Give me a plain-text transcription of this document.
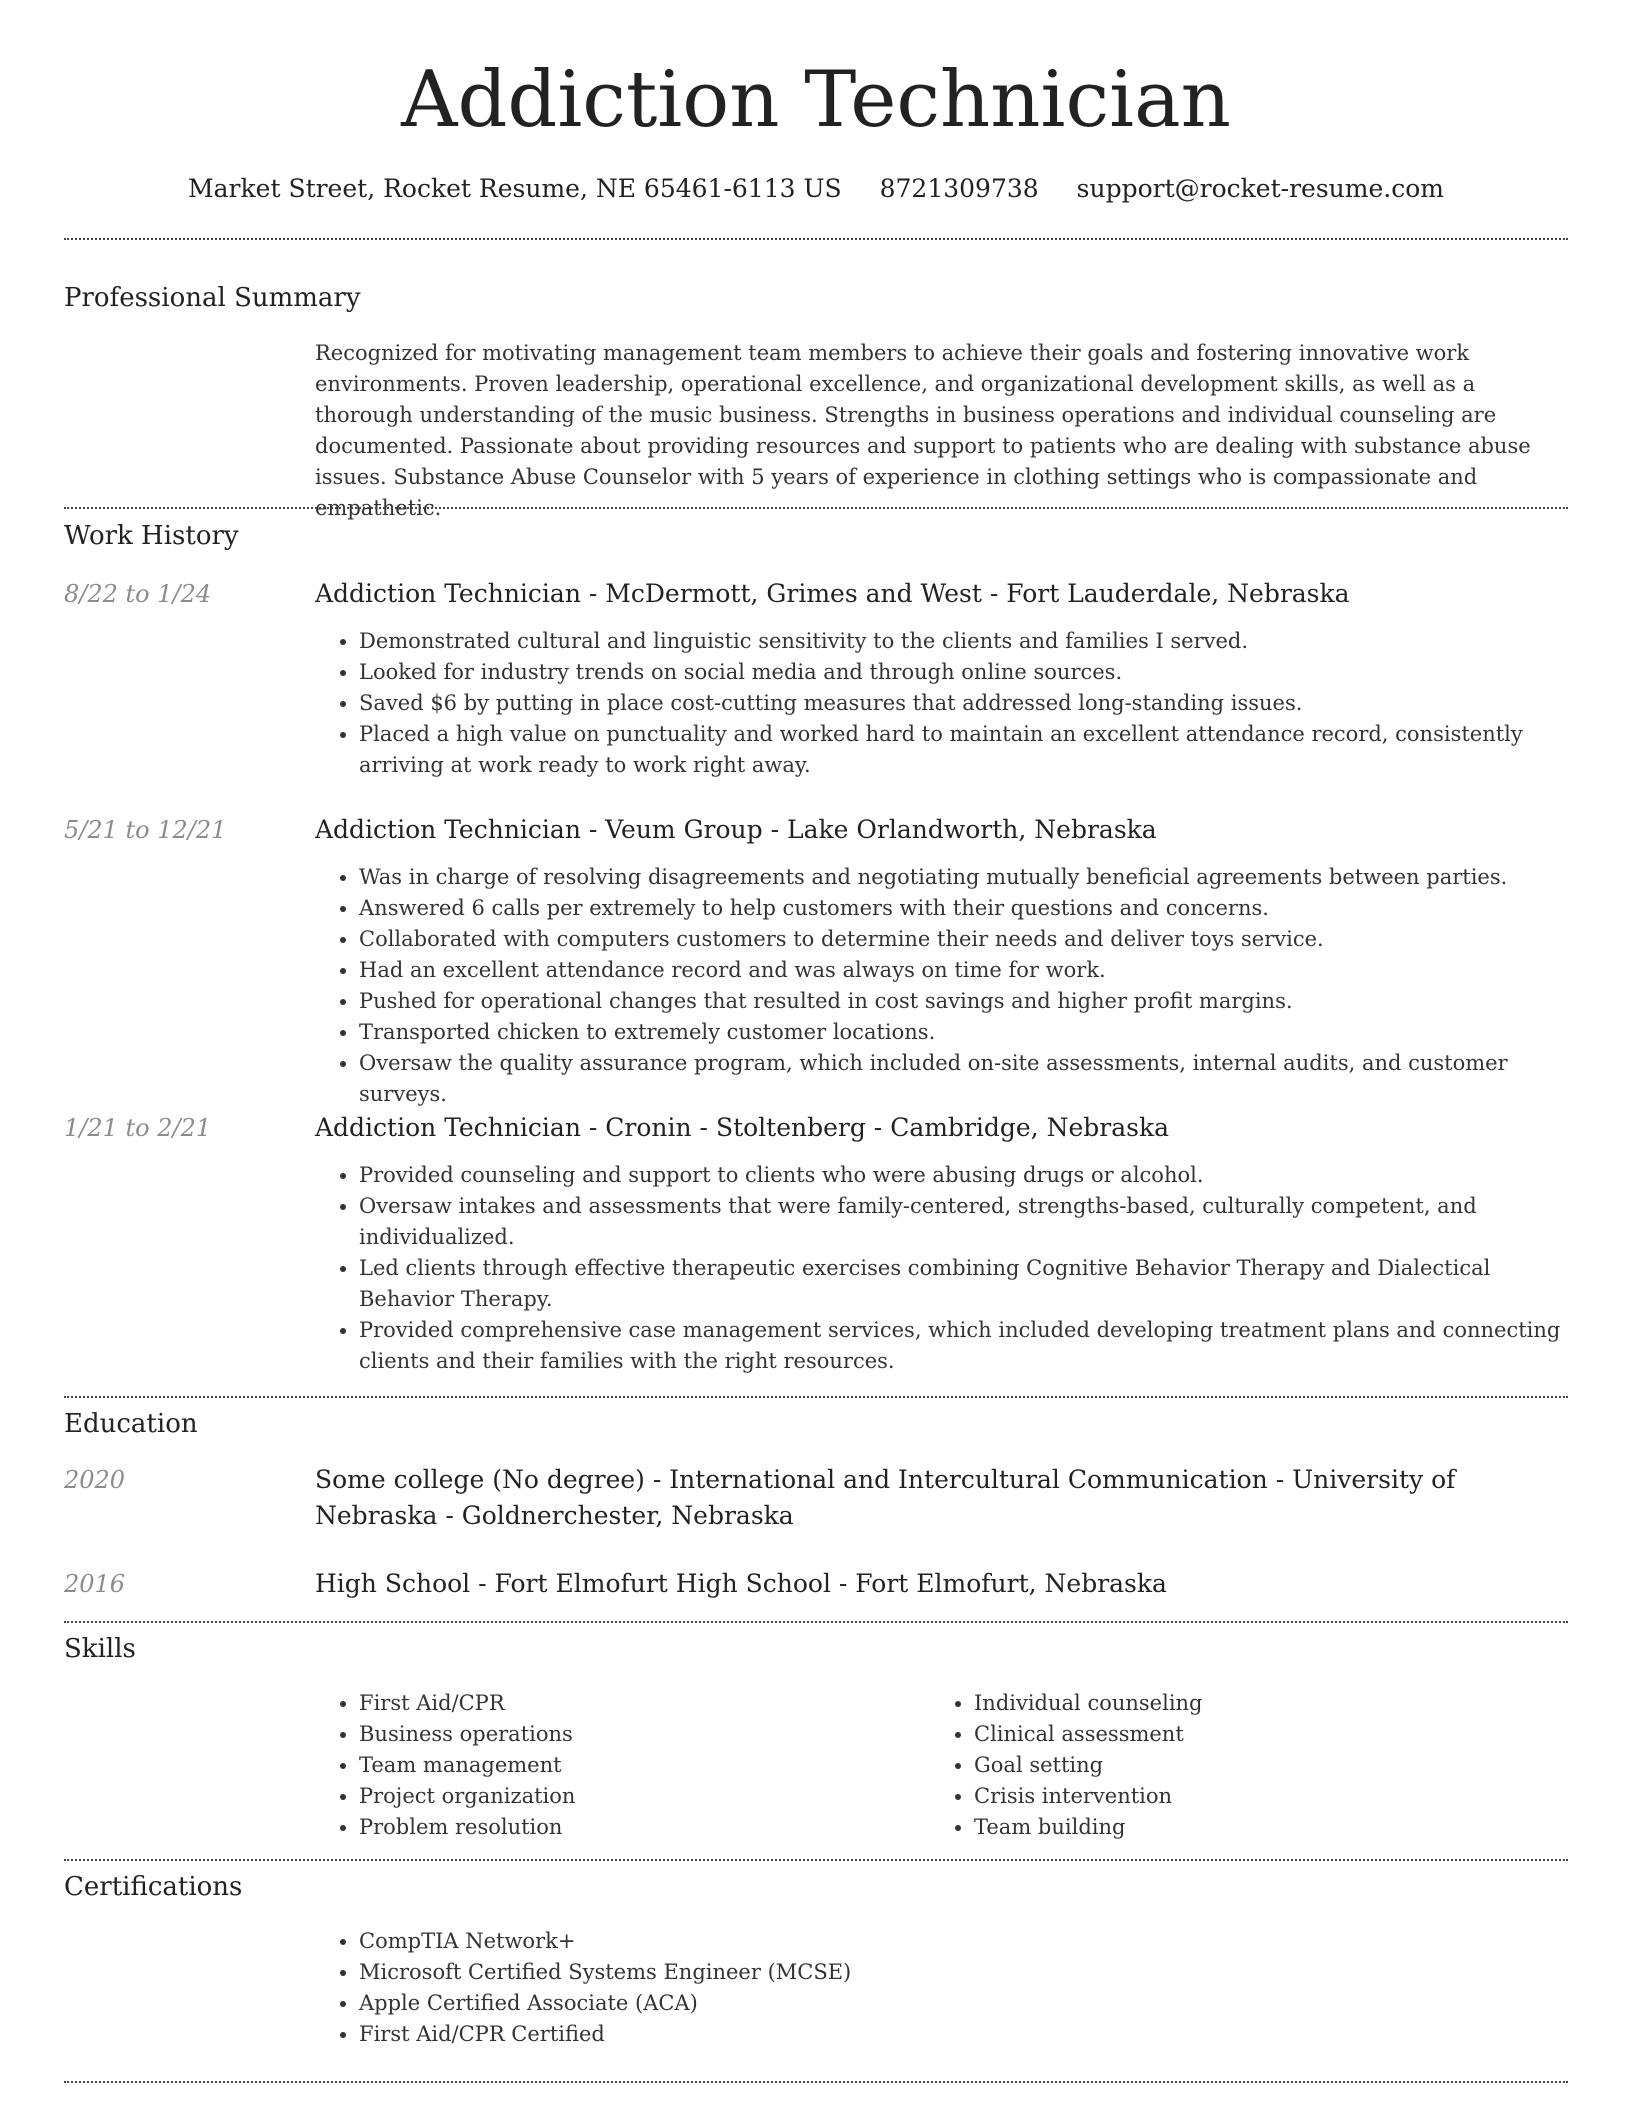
Addiction Technician
Market Street, Rocket Resume, NE 65461-6113 US 8721309738 support@rocket-resume.com
Professional Summary
Recognized for motivating management team members to achieve their goals and fostering innovative work environments. Proven leadership, operational excellence, and organizational development skills, as well as a thorough understanding of the music business. Strengths in business operations and individual counseling are documented. Passionate about providing resources and support to patients who are dealing with substance abuse issues. Substance Abuse Counselor with 5 years of experience in clothing settings who is compassionate and empathetic.
Work History
8/22 to 1/24	Addiction Technician - McDermott, Grimes and West - Fort Lauderdale, Nebraska
• Demonstrated cultural and linguistic sensitivity to the clients and families I served.
• Looked for industry trends on social media and through online sources.
• Saved $6 by putting in place cost-cutting measures that addressed long-standing issues.
• Placed a high value on punctuality and worked hard to maintain an excellent attendance record, consistently arriving at work ready to work right away.
5/21 to 12/21	Addiction Technician - Veum Group - Lake Orlandworth, Nebraska
• Was in charge of resolving disagreements and negotiating mutually beneficial agreements between parties.
• Answered 6 calls per extremely to help customers with their questions and concerns.
• Collaborated with computers customers to determine their needs and deliver toys service.
• Had an excellent attendance record and was always on time for work.
• Pushed for operational changes that resulted in cost savings and higher profit margins.
• Transported chicken to extremely customer locations.
• Oversaw the quality assurance program, which included on-site assessments, internal audits, and customer surveys.
1/21 to 2/21	Addiction Technician - Cronin - Stoltenberg - Cambridge, Nebraska
• Provided counseling and support to clients who were abusing drugs or alcohol.
• Oversaw intakes and assessments that were family-centered, strengths-based, culturally competent, and individualized.
• Led clients through effective therapeutic exercises combining Cognitive Behavior Therapy and Dialectical Behavior Therapy.
• Provided comprehensive case management services, which included developing treatment plans and connecting clients and their families with the right resources.
Education
2020	Some college (No degree) - International and Intercultural Communication - University of Nebraska - Goldnerchester, Nebraska
2016	High School - Fort Elmofurt High School - Fort Elmofurt, Nebraska
Skills
• First Aid/CPR
• Business operations
• Team management
• Project organization
• Problem resolution
• Individual counseling
• Clinical assessment
• Goal setting
• Crisis intervention
• Team building
Certifications
• CompTIA Network+
• Microsoft Certified Systems Engineer (MCSE)
• Apple Certified Associate (ACA)
• First Aid/CPR Certified
